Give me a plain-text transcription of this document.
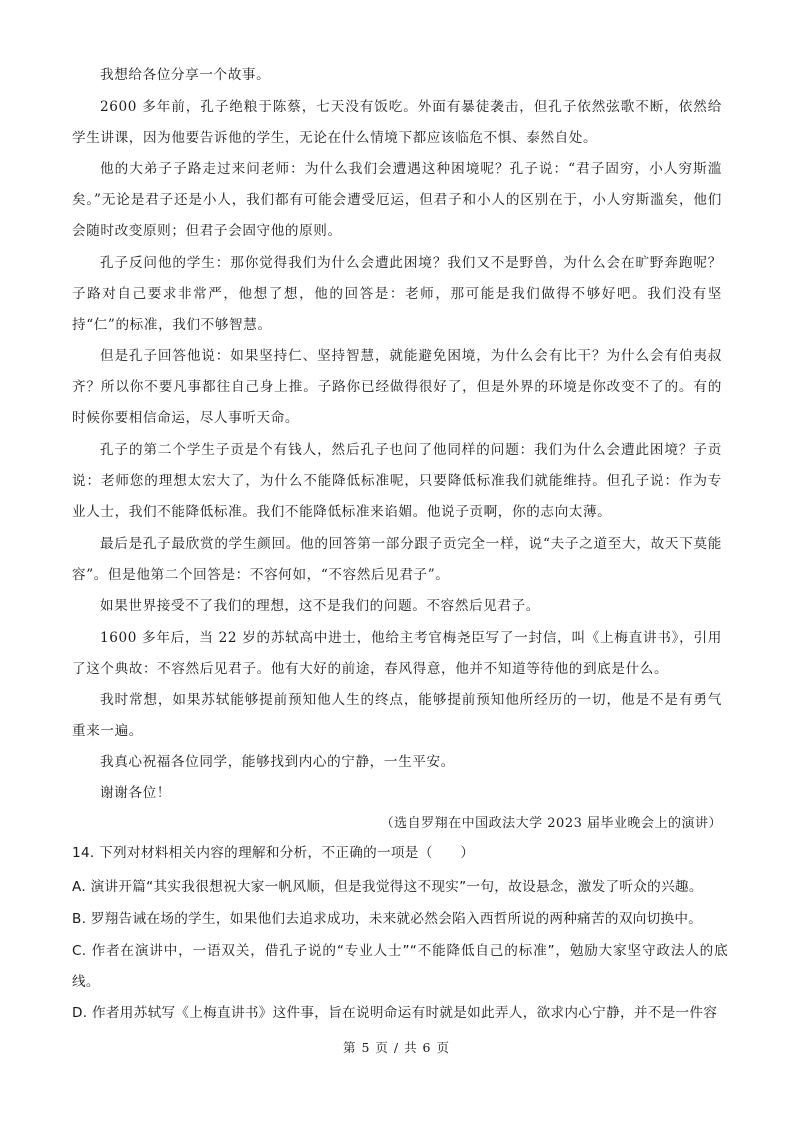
我想给各位分享一个故事。

2600 多年前，孔子绝粮于陈蔡，七天没有饭吃。外面有暴徒袭击，但孔子依然弦歌不断，依然给学生讲课，因为他要告诉他的学生，无论在什么情境下都应该临危不惧、泰然自处。

他的大弟子子路走过来问老师：为什么我们会遭遇这种困境呢？孔子说：“君子固穷，小人穷斯滥矣。”无论是君子还是小人，我们都有可能会遭受厄运，但君子和小人的区别在于，小人穷斯滥矣，他们会随时改变原则；但君子会固守他的原则。

孔子反问他的学生：那你觉得我们为什么会遭此困境？我们又不是野兽，为什么会在旷野奔跑呢？子路对自己要求非常严，他想了想，他的回答是：老师，那可能是我们做得不够好吧。我们没有坚持“仁”的标准，我们不够智慧。

但是孔子回答他说：如果坚持仁、坚持智慧，就能避免困境，为什么会有比干？为什么会有伯夷叔齐？所以你不要凡事都往自己身上推。子路你已经做得很好了，但是外界的环境是你改变不了的。有的时候你要相信命运，尽人事听天命。

孔子的第二个学生子贡是个有钱人，然后孔子也问了他同样的问题：我们为什么会遭此困境？子贡说：老师您的理想太宏大了，为什么不能降低标准呢，只要降低标准我们就能维持。但孔子说：作为专业人士，我们不能降低标准。我们不能降低标准来谄媚。他说子贡啊，你的志向太薄。

最后是孔子最欣赏的学生颜回。他的回答第一部分跟子贡完全一样，说“夫子之道至大，故天下莫能容”。但是他第二个回答是：不容何如，“不容然后见君子”。

如果世界接受不了我们的理想，这不是我们的问题。不容然后见君子。

1600 多年后，当 22 岁的苏轼高中进士，他给主考官梅尧臣写了一封信，叫《上梅直讲书》，引用了这个典故：不容然后见君子。他有大好的前途，春风得意，他并不知道等待他的到底是什么。

我时常想，如果苏轼能够提前预知他人生的终点，能够提前预知他所经历的一切，他是不是有勇气重来一遍。

我真心祝福各位同学，能够找到内心的宁静，一生平安。

谢谢各位！

（选自罗翔在中国政法大学 2023 届毕业晚会上的演讲）

14. 下列对材料相关内容的理解和分析，不正确的一项是（　　）

A. 演讲开篇“其实我很想祝大家一帆风顺，但是我觉得这不现实”一句，故设悬念，激发了听众的兴趣。

B. 罗翔告诫在场的学生，如果他们去追求成功，未来就必然会陷入西哲所说的两种痛苦的双向切换中。

C. 作者在演讲中，一语双关，借孔子说的“专业人士”“不能降低自己的标准”，勉励大家坚守政法人的底线。

D. 作者用苏轼写《上梅直讲书》这件事，旨在说明命运有时就是如此弄人，欲求内心宁静，并不是一件容

第 5 页 / 共 6 页
